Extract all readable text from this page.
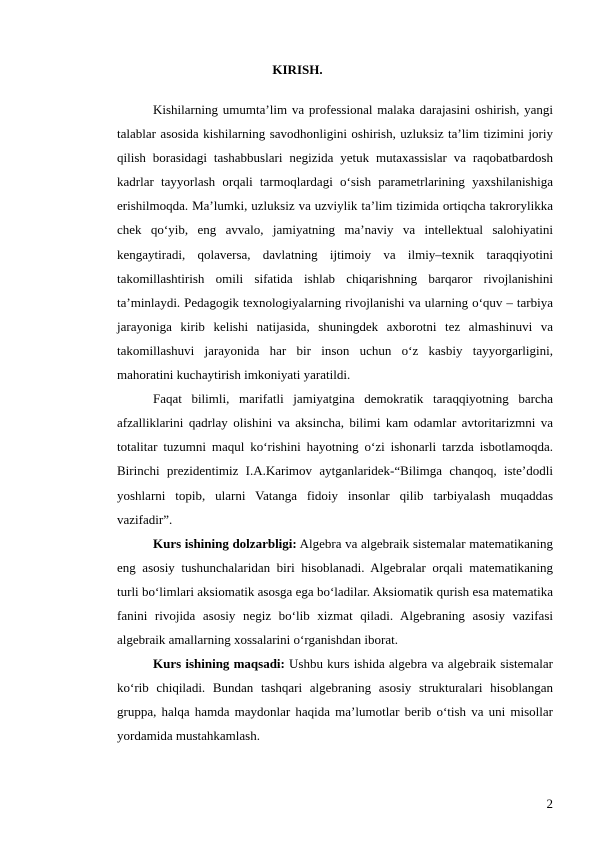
KIRISH.

Kishilarning umumta’lim va professional malaka darajasini oshirish, yangi talablar asosida kishilarning savodhonligini oshirish, uzluksiz ta’lim tizimini joriy qilish borasidagi tashabbuslari negizida yetuk mutaxassislar va raqobatbardosh kadrlar tayyorlash orqali tarmoqlardagi o‘sish parametrlarining yaxshilanishiga erishilmoqda. Ma’lumki, uzluksiz va uzviylik ta’lim tizimida ortiqcha takrorylikka chek qo‘yib, eng avvalo, jamiyatning ma’naviy va intellektual salohiyatini kengaytiradi, qolaversa, davlatning ijtimoiy va ilmiy–texnik taraqqiyotini takomillashtirish omili sifatida ishlab chiqarishning barqaror rivojlanishini ta’minlaydi. Pedagogik texnologiyalarning rivojlanishi va ularning o‘quv – tarbiya jarayoniga kirib kelishi natijasida, shuningdek axborotni tez almashinuvi va takomillashuvi jarayonida har bir inson uchun o‘z kasbiy tayyorgarligini, mahoratini kuchaytirish imkoniyati yaratildi.

Faqat bilimli, marifatli jamiyatgina demokratik taraqqiyotning barcha afzalliklarini qadrlay olishini va aksincha, bilimi kam odamlar avtoritarizmni va totalitar tuzumni maqul ko‘rishini hayotning o‘zi ishonarli tarzda isbotlamoqda. Birinchi prezidentimiz I.A.Karimov aytganlaridek-“Bilimga chanqoq, iste’dodli yoshlarni topib, ularni Vatanga fidoiy insonlar qilib tarbiyalash muqaddas vazifadir”.

Kurs ishining dolzarbligi: Algebra va algebraik sistemalar matematikaning eng asosiy tushunchalaridan biri hisoblanadi. Algebralar orqali matematikaning turli bo‘limlari aksiomatik asosga ega bo‘ladilar. Aksiomatik qurish esa matematika fanini rivojida asosiy negiz bo‘lib xizmat qiladi. Algebraning asosiy vazifasi algebraik amallarning xossalarini o‘rganishdan iborat.

Kurs ishining maqsadi: Ushbu kurs ishida algebra va algebraik sistemalar ko‘rib chiqiladi. Bundan tashqari algebraning asosiy strukturalari hisoblangan gruppa, halqa hamda maydonlar haqida ma’lumotlar berib o‘tish va uni misollar yordamida mustahkamlash.

2
